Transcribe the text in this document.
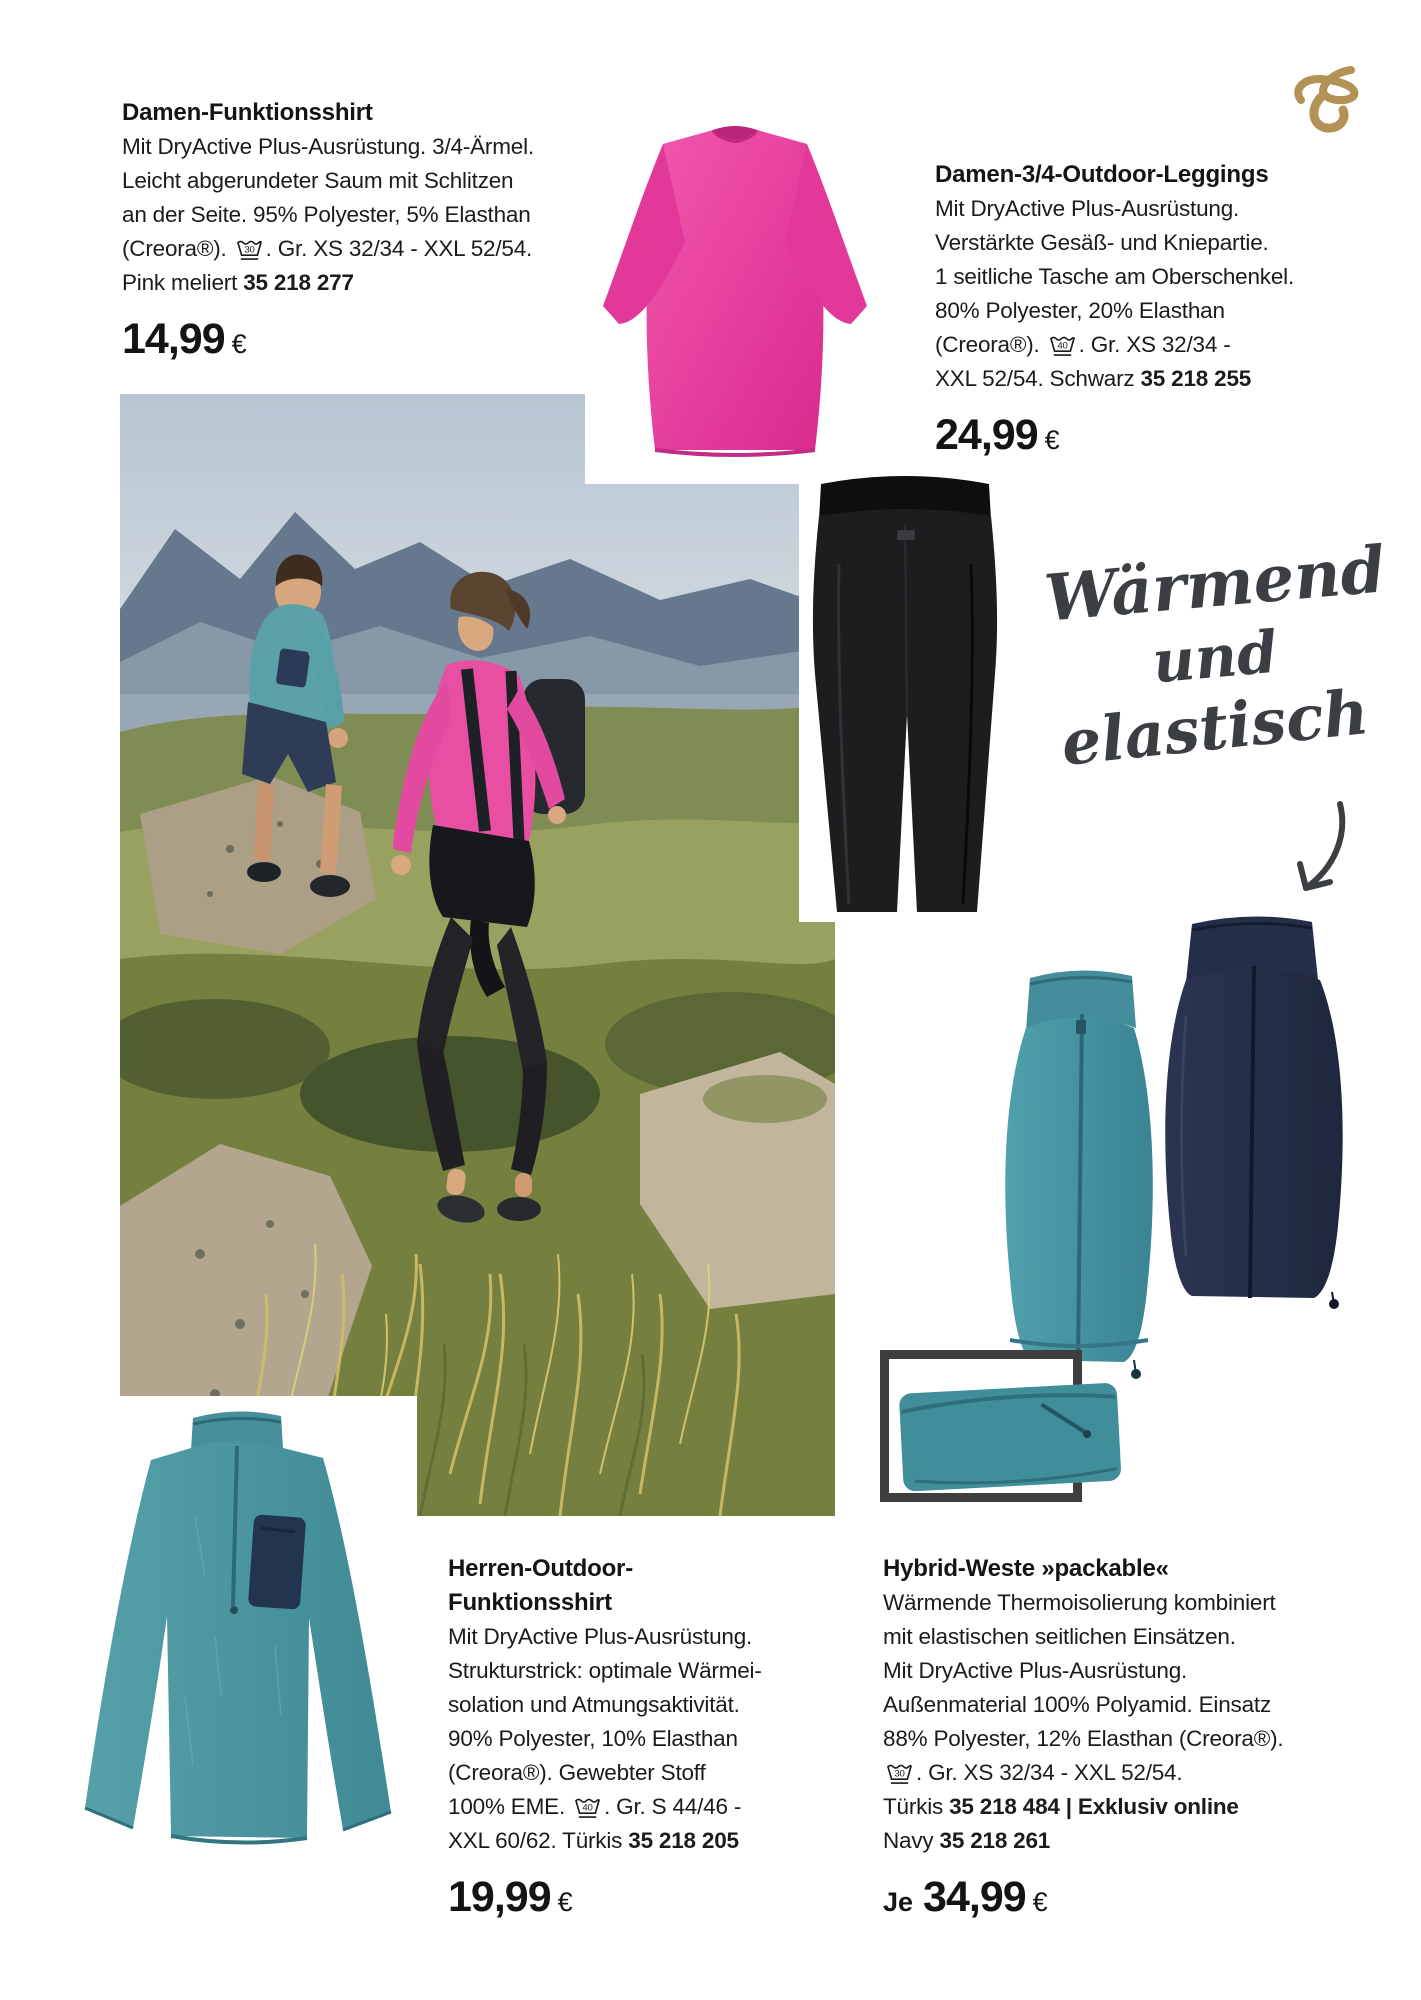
Wärmend
und
elastisch
Damen-Funktionsshirt
Mit DryActive Plus-Ausrüstung. 3/4-Ärmel.
Leicht abgerundeter Saum mit Schlitzen
an der Seite. 95% Polyester, 5% Elasthan
(Creora®). 30 . Gr. XS 32/34 - XXL 52/54.
Pink meliert 35 218 277
14,99 €
Damen-3/4-Outdoor-Leggings
Mit DryActive Plus-Ausrüstung.
Verstärkte Gesäß- und Kniepartie.
1 seitliche Tasche am Oberschenkel.
80% Polyester, 20% Elasthan
(Creora®). 40 . Gr. XS 32/34 -
XXL 52/54. Schwarz 35 218 255
24,99 €
Herren-Outdoor-
Funktionsshirt
Mit DryActive Plus-Ausrüstung.
Strukturstrick: optimale Wärmei-
solation und Atmungsaktivität.
90% Polyester, 10% Elasthan
(Creora®). Gewebter Stoff
100% EME. 40 . Gr. S 44/46 -
XXL 60/62. Türkis 35 218 205
19,99 €
Hybrid-Weste »packable«
Wärmende Thermoisolierung kombiniert
mit elastischen seitlichen Einsätzen.
Mit DryActive Plus-Ausrüstung.
Außenmaterial 100% Polyamid. Einsatz
88% Polyester, 12% Elasthan (Creora®).
30 . Gr. XS 32/34 - XXL 52/54.
Türkis 35 218 484 | Exklusiv online
Navy 35 218 261
Je 34,99 €
